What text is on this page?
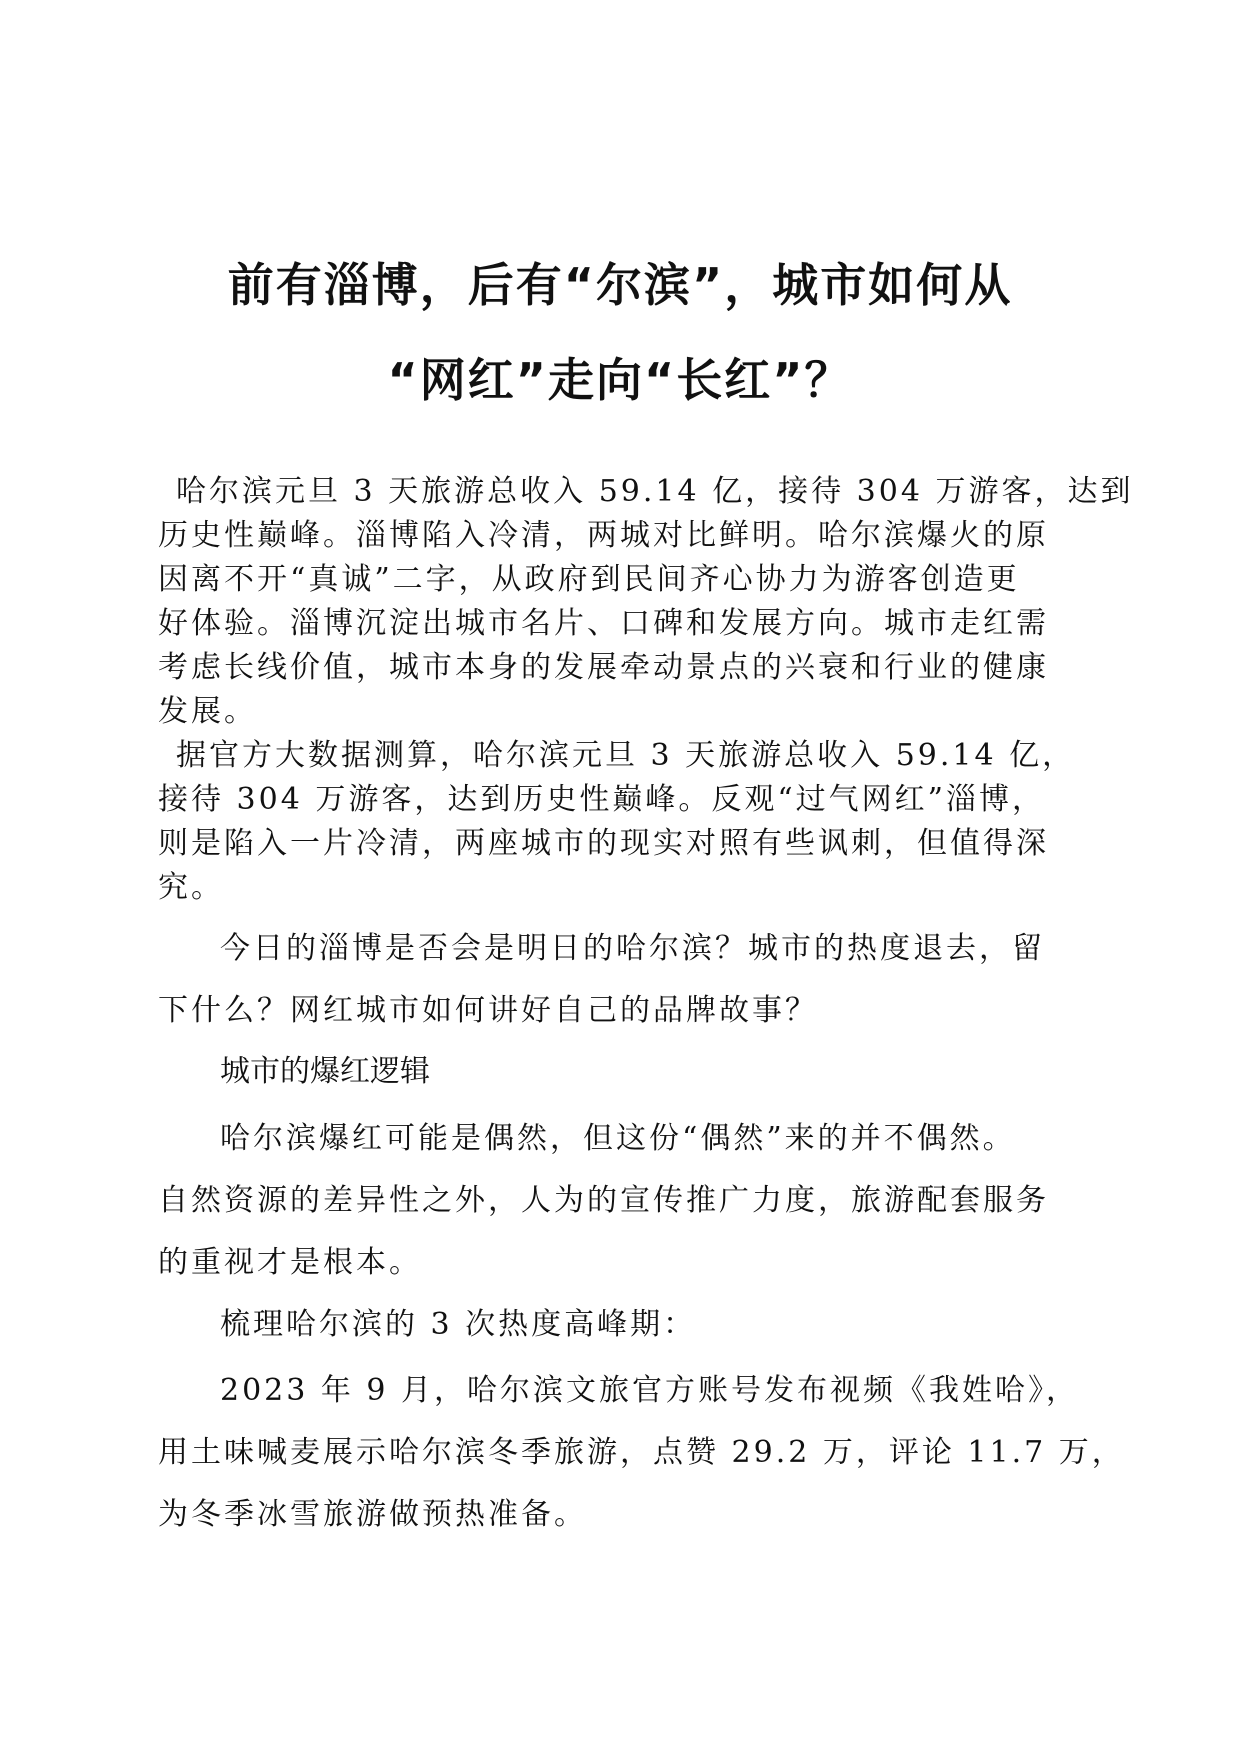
前有淄博，后有“尔滨”，城市如何从
“网红”走向“长红”？
哈尔滨元旦 3 天旅游总收入 59.14 亿，接待 304 万游客，达到
历史性巅峰。淄博陷入冷清，两城对比鲜明。哈尔滨爆火的原
因离不开“真诚”二字，从政府到民间齐心协力为游客创造更
好体验。淄博沉淀出城市名片、口碑和发展方向。城市走红需
考虑长线价值，城市本身的发展牵动景点的兴衰和行业的健康
发展。
据官方大数据测算，哈尔滨元旦 3 天旅游总收入 59.14 亿，
接待 304 万游客，达到历史性巅峰。反观“过气网红”淄博，
则是陷入一片冷清，两座城市的现实对照有些讽刺，但值得深
究。
今日的淄博是否会是明日的哈尔滨？城市的热度退去，留
下什么？网红城市如何讲好自己的品牌故事？
城市的爆红逻辑
哈尔滨爆红可能是偶然，但这份“偶然”来的并不偶然。
自然资源的差异性之外，人为的宣传推广力度，旅游配套服务
的重视才是根本。
梳理哈尔滨的 3 次热度高峰期：
2023 年 9 月，哈尔滨文旅官方账号发布视频《我姓哈》，
用土味喊麦展示哈尔滨冬季旅游，点赞 29.2 万，评论 11.7 万，
为冬季冰雪旅游做预热准备。
